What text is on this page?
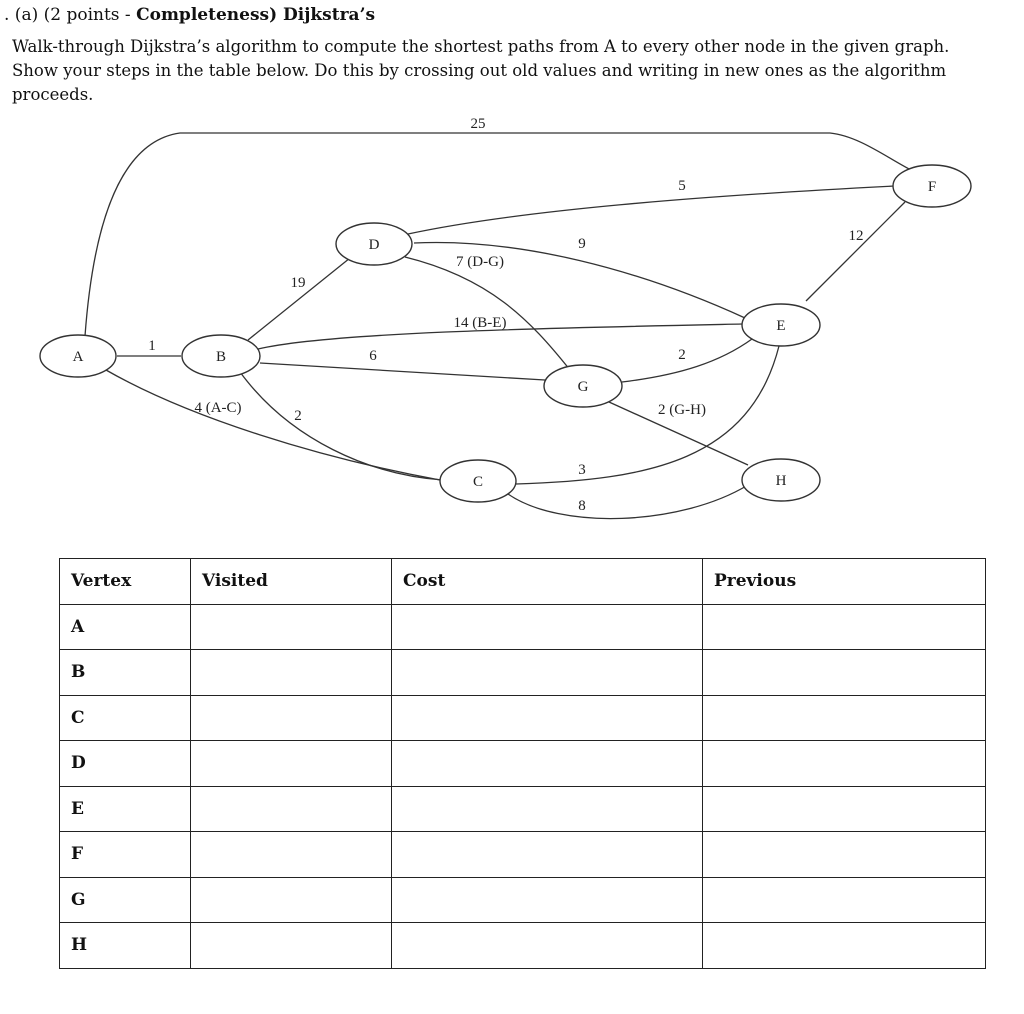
. (a) (2 points - Completeness) Dijkstra’s
Walk-through Dijkstra’s algorithm to compute the shortest paths from A to every other node in the given graph.
Show your steps in the table below. Do this by crossing out old values and writing in new ones as the algorithm
proceeds.
25
5
12
9
7 (D-G)
19
14 (B-E)
1
6	2
4 (A-C)	2	2 (G-H)
3
8
A	B
D
F
E
G
C	H
Vertex	Visited	Cost	Previous
A			
B			
C			
D			
E			
F			
G			
H			
